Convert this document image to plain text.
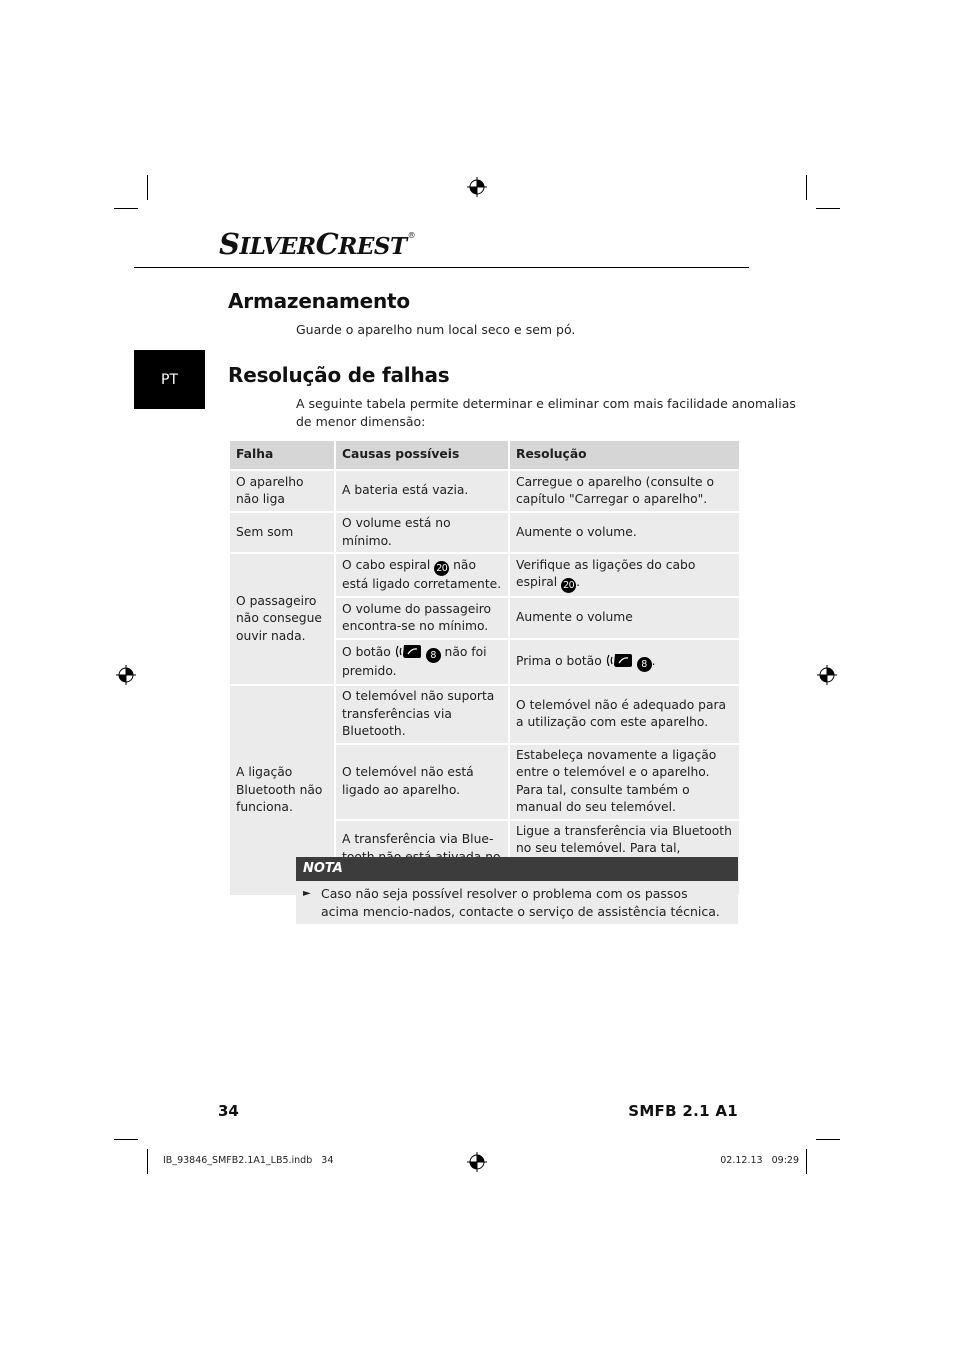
SILVERCREST®
PT
Armazenamento
Guarde o aparelho num local seco e sem pó.
Resolução de falhas
A seguinte tabela permite determinar e eliminar com mais facilidade anomalias
de menor dimensão:
Falha	Causas possíveis	Resolução
O aparelho não liga	A bateria está vazia.	Carregue o aparelho (consulte o capítulo "Carregar o aparelho".
Sem som	O volume está no mínimo.	Aumente o volume.
O passageiro não consegue ouvir nada.	O cabo espiral 20 não está ligado corretamente.	Verifique as ligações do cabo espiral 20 .
	O volume do passageiro encontra-se no mínimo.	Aumente o volume
	O botão 8 não foi premido.	Prima o botão 8 .
A ligação Bluetooth não funciona.	O telemóvel não suporta transferências via Bluetooth.	O telemóvel não é adequado para a utilização com este aparelho.
	O telemóvel não está ligado ao aparelho.	Estabeleça novamente a ligação entre o telemóvel e o aparelho. Para tal, consulte também o manual do seu telemóvel.
	A transferência via Blue-	Ligue a transferência via Bluetooth no seu telemóvel. Para tal,
NOTA
► Caso não seja possível resolver o problema com os passos acima mencio-nados, contacte o serviço de assistência técnica.
34	SMFB 2.1 A1
IB_93846_SMFB2.1A1_LB5.indb   34	02.12.13   09:29
